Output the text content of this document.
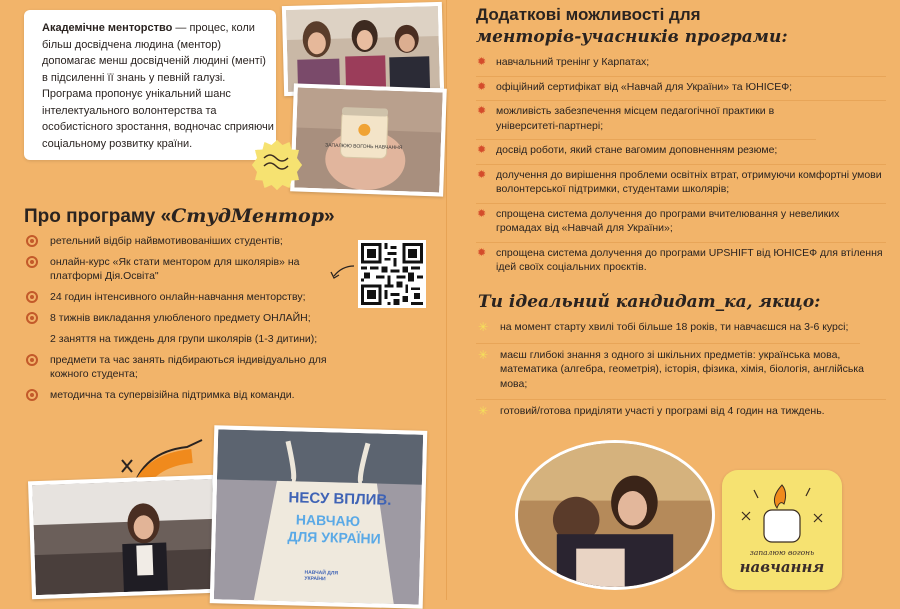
Академічне менторство — процес, коли більш досвідчена людина (ментор) допомагає менш досвідченій людині (менті) в підсиленні її знань у певній галузі. Програма пропонує унікальний шанс інтелектуального волонтерства та особистісного зростання, водночас сприяючи соціальному розвитку країни.	ЗАПАЛЮЮ ВОГОНЬ НАВЧАННЯ
Про програму «СтудМентор»
ретельний відбір найвмотивованіших студентів;
онлайн-курс «Як стати ментором для школярів» на платформі Дія.Освіта"
24 годин інтенсивного онлайн-навчання менторству;
8 тижнів викладання улюбленого предмету ОНЛАЙН;
2 заняття на тиждень для групи школярів (1-3 дитини);
предмети та час занять підбираються індивідуально для кожного студента;
методична та супервізійна підтримка від команди.
НЕСУ ВПЛИВ.
НАВЧАЮ
ДЛЯ УКРАЇНИ
НАВЧАЙ ДЛЯ УКРАЇНИ
Додаткові можливості для
менторів-учасників програми:
✹ навчальний тренінг у Карпатах;
✹ офіційний сертифікат від «Навчай для України» та ЮНІСЕФ;
✹ можливість забезпечення місцем педагогічної практики в університеті-партнері;
✹ досвід роботи, який стане вагомим доповненням резюме;
✹ долучення до вирішення проблеми освітніх втрат, отримуючи комфортні умови волонтерської підтримки, студентами школярів;
✹ спрощена система долучення до програми вчителювання у невеликих громадах від «Навчай для України»;
✹ спрощена система долучення до програми UPSHIFT від ЮНІСЕФ для втілення ідей своїх соціальних проєктів.
Ти ідеальний кандидат_ка, якщо:
✳ на момент старту хвилі тобі більше 18 років, ти навчаєшся на 3-6 курсі;
✳ маєш глибокі знання з одного зі шкільних предметів: українська мова, математика (алгебра, геометрія), історія, фізика, хімія, біологія, англійська мова;
✳ готовий/готова приділяти участі у програмі від 4 годин на тиждень.
запалюю вогонь
навчання
